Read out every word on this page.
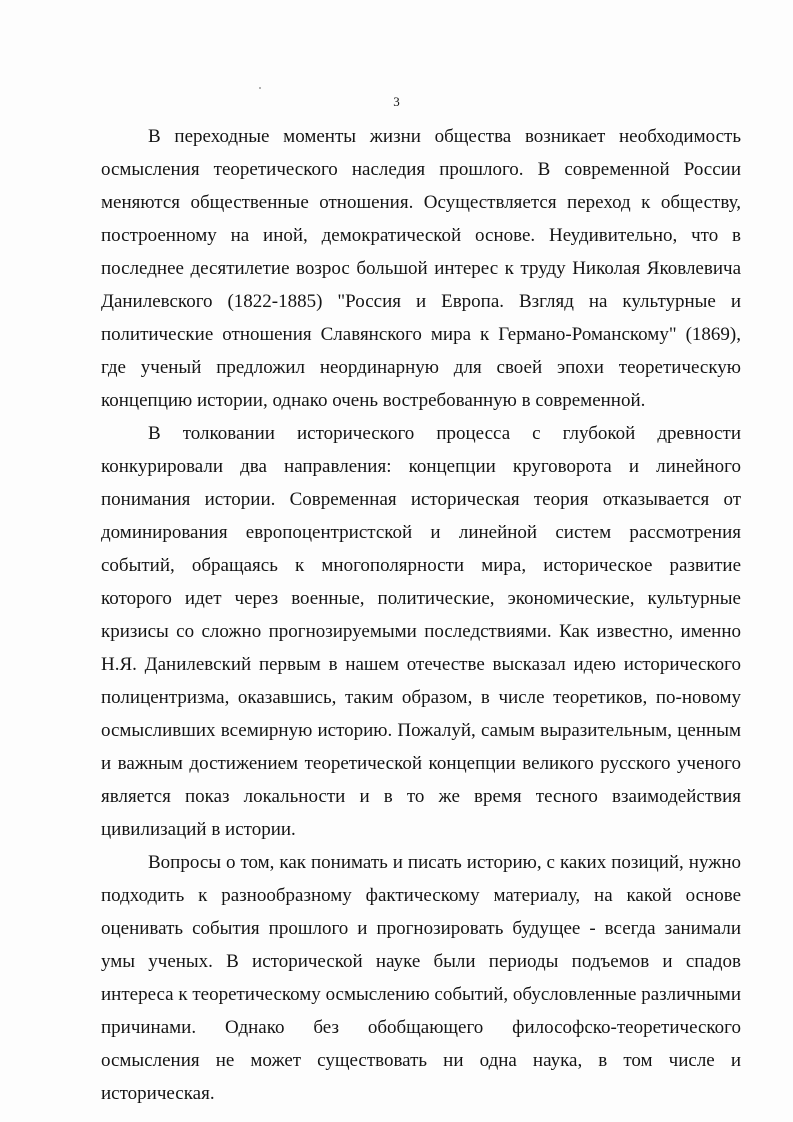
3

В переходные моменты жизни общества возникает необходимость осмысления теоретического наследия прошлого. В современной России меняются общественные отношения. Осуществляется переход к обществу, построенному на иной, демократической основе. Неудивительно, что в последнее десятилетие возрос большой интерес к труду Николая Яковлевича Данилевского (1822-1885) "Россия и Европа. Взгляд на культурные и политические отношения Славянского мира к Германо-Романскому" (1869), где ученый предложил неординарную для своей эпохи теоретическую концепцию истории, однако очень востребованную в современной.

В толковании исторического процесса с глубокой древности конкурировали два направления: концепции круговорота и линейного понимания истории. Современная историческая теория отказывается от доминирования европоцентристской и линейной систем рассмотрения событий, обращаясь к многополярности мира, историческое развитие которого идет через военные, политические, экономические, культурные кризисы со сложно прогнозируемыми последствиями. Как известно, именно Н.Я. Данилевский первым в нашем отечестве высказал идею исторического полицентризма, оказавшись, таким образом, в числе теоретиков, по-новому осмысливших всемирную историю. Пожалуй, самым выразительным, ценным и важным достижением теоретической концепции великого русского ученого является показ локальности и в то же время тесного взаимодействия цивилизаций в истории.

Вопросы о том, как понимать и писать историю, с каких позиций, нужно подходить к разнообразному фактическому материалу, на какой основе оценивать события прошлого и прогнозировать будущее - всегда занимали умы ученых. В исторической науке были периоды подъемов и спадов интереса к теоретическому осмыслению событий, обусловленные различными причинами. Однако без обобщающего философско-теоретического осмысления не может существовать ни одна наука, в том числе и историческая.
